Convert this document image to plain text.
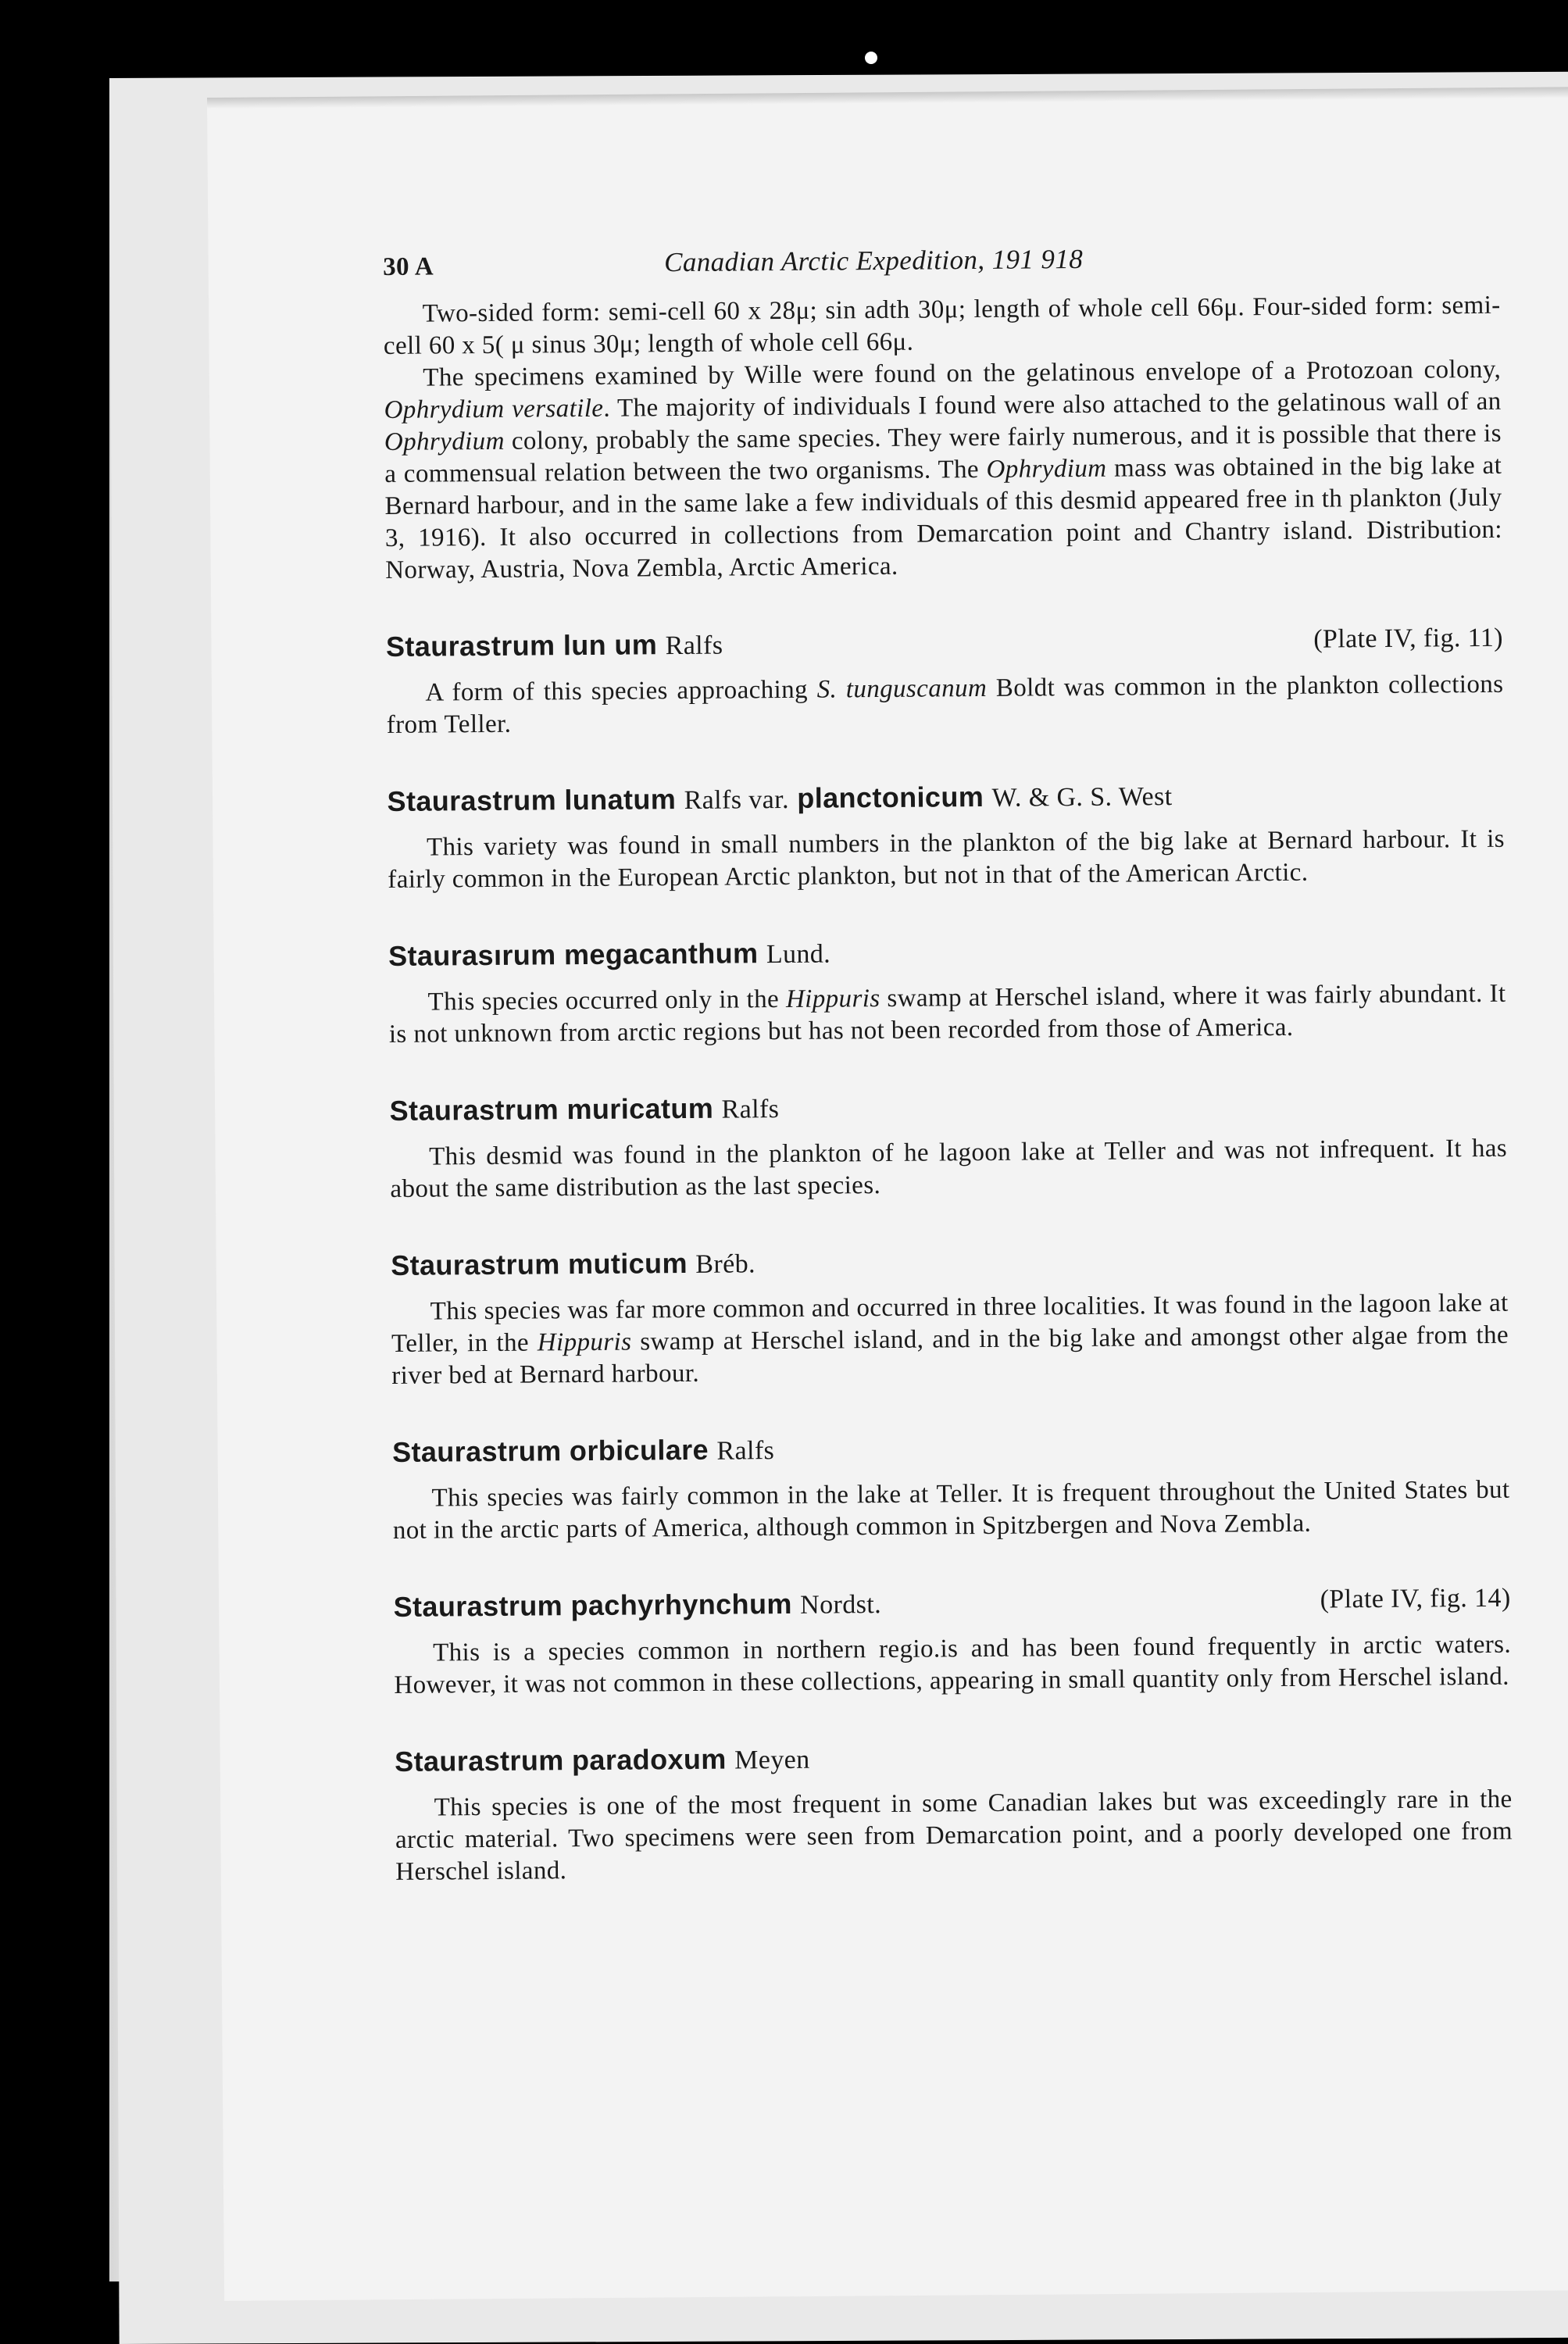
30 A	Canadian Arctic Expedition, 191 918

Two-sided form: semi-cell 60 x 28μ; sin adth 30μ; length of whole cell 66μ. Four-sided form: semi-cell 60 x 5( μ sinus 30μ; length of whole cell 66μ.

The specimens examined by Wille were found on the gelatinous envelope of a Protozoan colony, Ophrydium versatile. The majority of individuals I found were also attached to the gelatinous wall of an Ophrydium colony, probably the same species. They were fairly numerous, and it is possible that there is a commensual relation between the two organisms. The Ophrydium mass was obtained in the big lake at Bernard harbour, and in the same lake a few individuals of this desmid appeared free in th plankton (July 3, 1916). It also occurred in collections from Demarcation point and Chantry island. Distribution: Norway, Austria, Nova Zembla, Arctic America.

Staurastrum lun um Ralfs	(Plate IV, fig. 11)

A form of this species approaching S. tunguscanum Boldt was common in the plankton collections from Teller.

Staurastrum lunatum Ralfs var. planctonicum W. & G. S. West

This variety was found in small numbers in the plankton of the big lake at Bernard harbour. It is fairly common in the European Arctic plankton, but not in that of the American Arctic.

Staurasırum megacanthum Lund.

This species occurred only in the Hippuris swamp at Herschel island, where it was fairly abundant. It is not unknown from arctic regions but has not been recorded from those of America.

Staurastrum muricatum Ralfs

This desmid was found in the plankton of he lagoon lake at Teller and was not infrequent. It has about the same distribution as the last species.

Staurastrum muticum Bréb.

This species was far more common and occurred in three localities. It was found in the lagoon lake at Teller, in the Hippuris swamp at Herschel island, and in the big lake and amongst other algae from the river bed at Bernard harbour.

Staurastrum orbiculare Ralfs

This species was fairly common in the lake at Teller. It is frequent throughout the United States but not in the arctic parts of America, although common in Spitzbergen and Nova Zembla.

Staurastrum pachyrhynchum Nordst.	(Plate IV, fig. 14)

This is a species common in northern regio.is and has been found frequently in arctic waters. However, it was not common in these collections, appearing in small quantity only from Herschel island.

Staurastrum paradoxum Meyen

This species is one of the most frequent in some Canadian lakes but was exceedingly rare in the arctic material. Two specimens were seen from Demarcation point, and a poorly developed one from Herschel island.
